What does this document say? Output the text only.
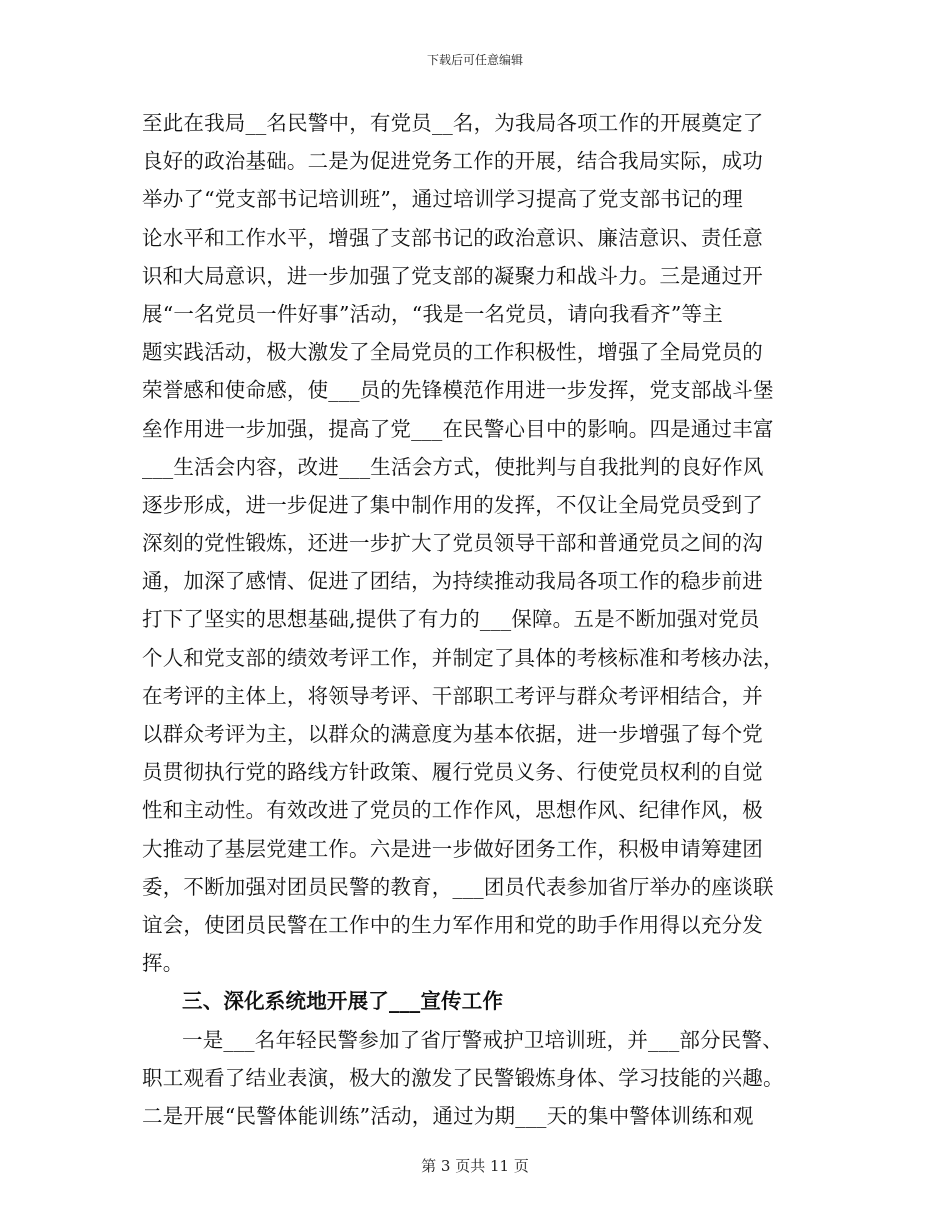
下载后可任意编辑
至此在我局__名民警中，有党员__名，为我局各项工作的开展奠定了
良好的政治基础。二是为促进党务工作的开展，结合我局实际，成功
举办了“党支部书记培训班”，通过培训学习提高了党支部书记的理
论水平和工作水平，增强了支部书记的政治意识、廉洁意识、责任意
识和大局意识，进一步加强了党支部的凝聚力和战斗力。三是通过开
展“一名党员一件好事”活动，“我是一名党员，请向我看齐”等主
题实践活动，极大激发了全局党员的工作积极性，增强了全局党员的
荣誉感和使命感，使___员的先锋模范作用进一步发挥，党支部战斗堡
垒作用进一步加强，提高了党___在民警心目中的影响。四是通过丰富
___生活会内容，改进___生活会方式，使批判与自我批判的良好作风
逐步形成，进一步促进了集中制作用的发挥，不仅让全局党员受到了
深刻的党性锻炼，还进一步扩大了党员领导干部和普通党员之间的沟
通，加深了感情、促进了团结，为持续推动我局各项工作的稳步前进
打下了坚实的思想基础,提供了有力的___保障。五是不断加强对党员
个人和党支部的绩效考评工作，并制定了具体的考核标准和考核办法，
在考评的主体上，将领导考评、干部职工考评与群众考评相结合，并
以群众考评为主，以群众的满意度为基本依据，进一步增强了每个党
员贯彻执行党的路线方针政策、履行党员义务、行使党员权利的自觉
性和主动性。有效改进了党员的工作作风，思想作风、纪律作风，极
大推动了基层党建工作。六是进一步做好团务工作，积极申请筹建团
委，不断加强对团员民警的教育，___团员代表参加省厅举办的座谈联
谊会，使团员民警在工作中的生力军作用和党的助手作用得以充分发
挥。
三、深化系统地开展了___宣传工作
一是___名年轻民警参加了省厅警戒护卫培训班，并___部分民警、
职工观看了结业表演，极大的激发了民警锻炼身体、学习技能的兴趣。
二是开展“民警体能训练”活动，通过为期___天的集中警体训练和观
第 3 页共 11 页
